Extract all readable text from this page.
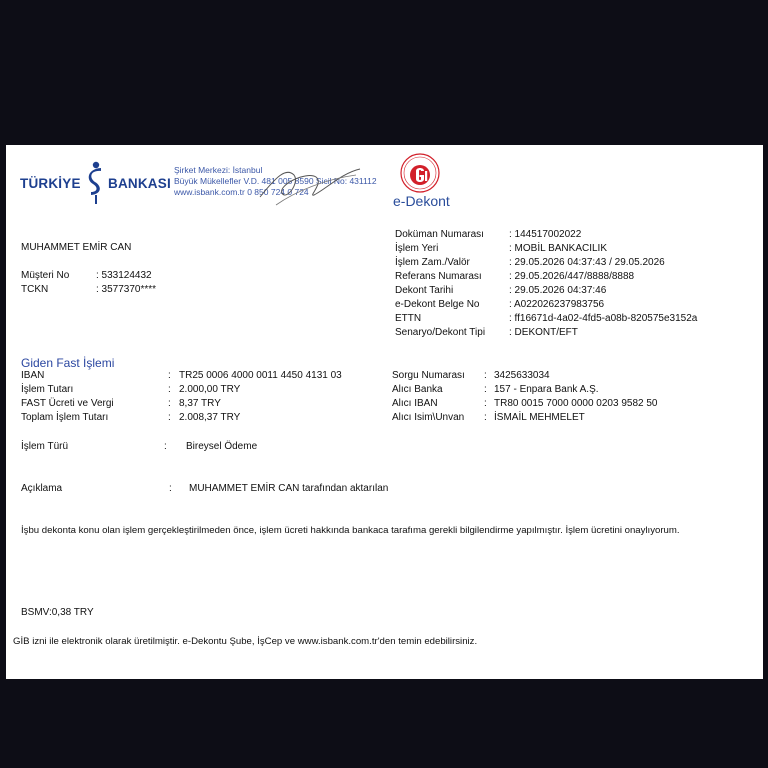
TÜRKİYE BANKASI
Şirket Merkezi: İstanbul
Büyük Mükellefler V.D. 481 005 8590 Sicil No: 431112
www.isbank.com.tr 0 850 724 0 724
e-Dekont
MUHAMMET EMİR CAN
Müşteri No	: 533124432
TCKN	: 3577370****
Doküman Numarası	: 144517002022
İşlem Yeri	: MOBİL BANKACILIK
İşlem Zam./Valör	: 29.05.2026 04:37:43 / 29.05.2026
Referans Numarası	: 29.05.2026/447/8888/8888
Dekont Tarihi	: 29.05.2026 04:37:46
e-Dekont Belge No	: A022026237983756
ETTN	: ff16671d-4a02-4fd5-a08b-820575e3152a
Senaryo/Dekont Tipi : DEKONT/EFT
Giden Fast İşlemi
IBAN	: TR25 0006 4000 0011 4450 4131 03
İşlem Tutarı	: 2.000,00 TRY
FAST Ücreti ve Vergi	: 8,37 TRY
Toplam İşlem Tutarı	: 2.008,37 TRY
Sorgu Numarası : 3425633034
Alıcı Banka	: 157 - Enpara Bank A.Ş.
Alıcı IBAN	: TR80 0015 7000 0000 0203 9582 50
Alıcı Isim\Unvan : İSMAİL MEHMELET
İşlem Türü	: Bireysel Ödeme
Açıklama	: MUHAMMET EMİR CAN tarafından aktarılan
İşbu dekonta konu olan işlem gerçekleştirilmeden önce, işlem ücreti hakkında bankaca tarafıma gerekli bilgilendirme yapılmıştır. İşlem ücretini onaylıyorum.
BSMV:0,38 TRY
GİB izni ile elektronik olarak üretilmiştir. e-Dekontu Şube, İşCep ve www.isbank.com.tr'den temin edebilirsiniz.
